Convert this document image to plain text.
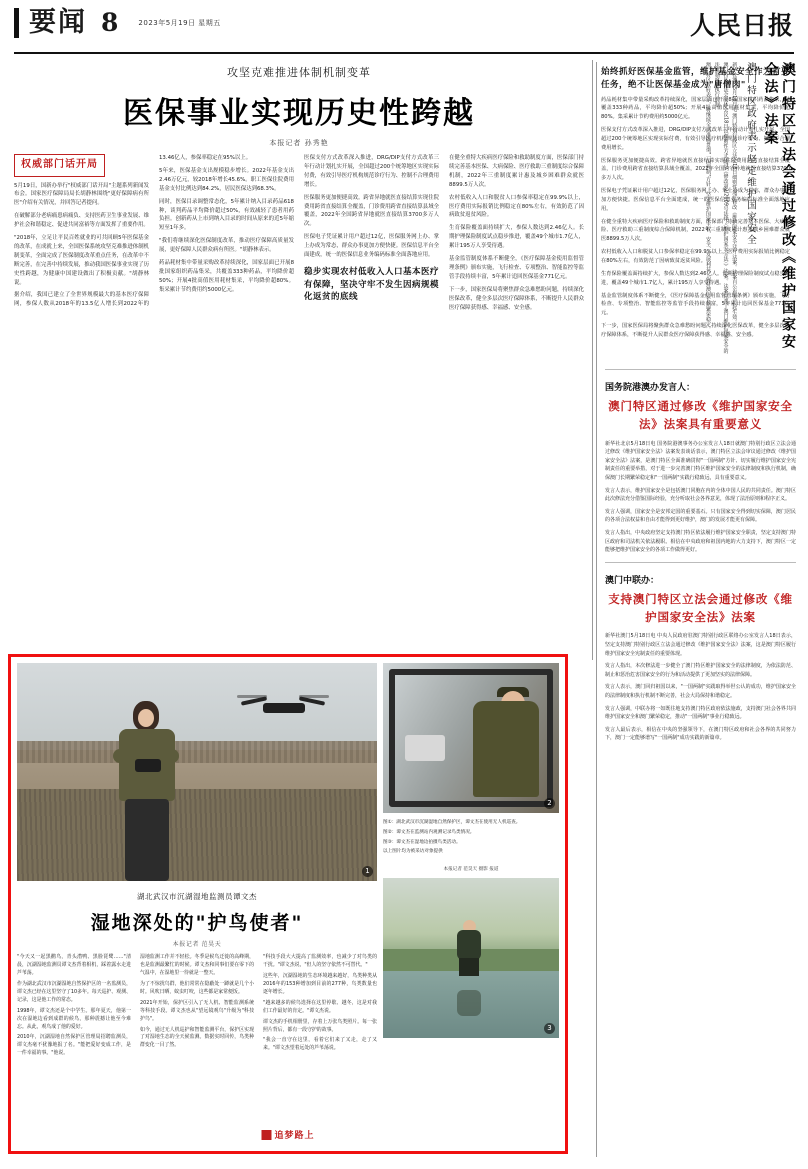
要闻 8	2023年5月19日 星期五	人民日报
攻坚克难推进体制机制变革
医保事业实现历史性跨越
本报记者 孙秀艳
权威部门话开局

5月19日，国新办举行"权威部门话开局"主题系列新闻发布会。国家医疗保障局局长胡静林围绕"更好保障病有所医"介绍有关情况，并回答记者提问。

在破解部分老病痛患病痛负、支持医药卫生事业发展、维护社会和谐稳定、促进共同富裕等方面发挥了重要作用。

"2018年，立足让平民百姓就业的可共回顾5年医保基金的改革，在成就上来，全国医保系统攻坚克难推进体制机制变革，全面完成了医保制度改革重点任务，在改革中不断完善，在完善中持续发展，推动我国医保事业实现了历史性跨越，为健康中国建设做出了积极贡献。"胡静林说。

据介绍，我国已建立了全世界规模最大的基本医疗保障网，参保人数从2018年的13.5亿人增长到2022年的13.46亿人，参保率稳定在95%以上。

5年来，医保基金支出规模稳步增长。2022年基金支出2.46万亿元，较2018年增长45.6%。职工医保住院费用基金支付比例达到84.2%，居民医保达到68.3%。

同时，医保目录调整常态化，5年累计纳入目录药品618种，谈判药品平均降价超过50%，有效减轻了患者用药负担。创新药从上市到纳入目录的时间从原来的近5年缩短至1年多。

"我们将继续深化医保制度改革，推动医疗保障高质量发展，更好保障人民群众病有所医。"胡静林表示。

药品耗材集中带量采购改革持续深化，国家层面已开展8批国家组织药品集采，共覆盖333种药品，平均降价超50%；开展4批高值医用耗材集采，平均降价超80%。集采累计节约费用约5000亿元。

医保支付方式改革深入推进，DRG/DIP支付方式改革三年行动计划扎实开展，全国超过200个统筹地区实现实际付费，有效引导医疗机构规范诊疗行为、控制不合理费用增长。

医保服务更加便捷高效。跨省异地就医直接结算实现住院费用跨省直接结算全覆盖，门诊费用跨省直接结算县域全覆盖，2022年全国跨省异地就医直接结算3700多万人次。

医保电子凭证累计用户超过12亿，医保服务网上办、掌上办成为常态，群众办事更加方便快捷。医保信息平台全面建成，统一的医保信息业务编码标准全面落地应用。

稳步实现农村低收入人口基本医疗有保障，坚决守牢不发生因病规模化返贫的底线

在健全重特大疾病医疗保险和救助制度方面，医保部门持续完善基本医保、大病保险、医疗救助三重制度综合保障机制，2022年三重制度累计惠及城乡困难群众就医8899.5万人次。

农村低收入人口和脱贫人口参保率稳定在99.9%以上，医疗费用实际报销比例稳定在80%左右，有效防范了因病致贫返贫风险。

生育保险覆盖面持续扩大，参保人数达到2.46亿人。长期护理保险制度试点稳步推进，覆盖49个城市1.7亿人，累计195万人享受待遇。

基金监管制度体系不断健全，《医疗保障基金使用监督管理条例》颁布实施，飞行检查、专项整治、智能监控等监管手段持续丰富，5年累计追回医保基金771亿元。

下一步，国家医保局将聚焦群众急难愁盼问题，持续深化医保改革，健全多层次医疗保障体系，不断提升人民群众医疗保障获得感、幸福感、安全感。

始终抓好医保基金监管，维护基金安全作为首要任务，绝不让医保基金成为"唐僧肉"

药品耗材集中带量采购改革持续深化，国家层面已开展8批国家组织药品集采，共覆盖333种药品，平均降价超50%；开展4批高值医用耗材集采，平均降价超80%。集采累计节约费用约5000亿元。

医保支付方式改革深入推进，DRG/DIP支付方式改革三年行动计划扎实开展，全国超过200个统筹地区实现实际付费，有效引导医疗机构规范诊疗行为、控制不合理费用增长。

医保服务更加便捷高效。跨省异地就医直接结算实现住院费用跨省直接结算全覆盖，门诊费用跨省直接结算县域全覆盖，2022年全国跨省异地就医直接结算3700多万人次。

医保电子凭证累计用户超过12亿，医保服务网上办、掌上办成为常态，群众办事更加方便快捷。医保信息平台全面建成，统一的医保信息业务编码标准全面落地应用。

在健全重特大疾病医疗保险和救助制度方面，医保部门持续完善基本医保、大病保险、医疗救助三重制度综合保障机制，2022年三重制度累计惠及城乡困难群众就医8899.5万人次。

农村低收入人口和脱贫人口参保率稳定在99.9%以上，医疗费用实际报销比例稳定在80%左右，有效防范了因病致贫返贫风险。

生育保险覆盖面持续扩大，参保人数达到2.46亿人。长期护理保险制度试点稳步推进，覆盖49个城市1.7亿人，累计195万人享受待遇。

基金监管制度体系不断健全，《医疗保障基金使用监督管理条例》颁布实施，飞行检查、专项整治、智能监控等监管手段持续丰富，5年累计追回医保基金771亿元。

下一步，国家医保局将聚焦群众急难愁盼问题，持续深化医保改革，健全多层次医疗保障体系，不断提升人民群众医疗保障获得感、幸福感、安全感。	澳门特区立法会通过修改《维护国家安全法》法案
澳门特区政府表示坚定维护国家安全

新华社澳门5月18日电 澳门特别行政区立法会18日细则性通过修改《维护国家安全法》法案。法案自公布翌日起生效。

澳门特区立法会全体会议18日以细则性方式通过《修改第2/2009号法律〈维护国家安全法〉》法案。法案完善了澳门维护国家安全的法律制度和执行机制。

澳门特区政府表示，将继续全面准确贯彻"一国两制"方针，坚定维护国家主权、安全、发展利益，保持澳门长期繁荣稳定。

国务院港澳办发言人：
澳门特区通过修改《维护国家安全法》法案具有重要意义

新华社北京5月18日电 国务院港澳事务办公室发言人18日就澳门特别行政区立法会通过修改《维护国家安全法》法案发表谈话表示，澳门特区立法会审议通过修改《维护国家安全法》法案，是澳门特区全面准确贯彻"一国两制"方针、切实履行维护国家安全宪制责任的重要举措，对于进一步完善澳门特区维护国家安全的法律制度和执行机制，确保澳门长期繁荣稳定和"一国两制"实践行稳致远，具有重要意义。

发言人表示，维护国家安全是包括澳门同胞在内的全体中国人民的共同责任。澳门特区此次修法充分借鉴国际经验，充分听取社会各界意见，体现了法治原则和程序正义。

发言人强调，国家安全是安邦定国的重要基石。只有国家安全得到切实保障，澳门居民的各项合法权益和自由才能得到更好维护，澳门的发展才能更有保障。

发言人指出，中央政府坚定支持澳门特区依法履行维护国家安全职责，坚定支持澳门特区政府和司法机关依法履职。相信在中央政府和祖国内地的大力支持下，澳门特区一定能够把维护国家安全的各项工作做得更好。

澳门中联办：
支持澳门特区立法会通过修改《维护国家安全法》法案

新华社澳门5月18日电 中央人民政府驻澳门特别行政区联络办公室发言人18日表示，坚定支持澳门特别行政区立法会通过修改《维护国家安全法》法案，这是澳门特区履行维护国家安全宪制责任的重要体现。

发言人指出，本次修法进一步健全了澳门特区维护国家安全的法律制度，为依法防范、制止和惩治危害国家安全的行为和活动提供了更加坚实的法律保障。

发言人表示，澳门回归祖国以来，"一国两制"实践取得举世公认的成功，维护国家安全的法律制度和执行机制不断完善，社会大局保持和谐稳定。

发言人强调，中联办将一如既往地支持澳门特区政府依法施政，支持澳门社会各界共同维护国家安全和澳门繁荣稳定，推动"一国两制"事业行稳致远。

发言人最后表示，相信在中央的坚强领导下，在澳门特区政府和社会各界的共同努力下，澳门一定能够谱写"一国两制"成功实践的新篇章。

1
湖北武汉市沉湖湿地监测员谭文杰
湿地深处的"护鸟使者"
本报记者 范昊天

"今天又一起黑鹳鸟，青头潜鸭、黑脸琵鹭……"清晨，沉湖湿地监测员谭文杰背着相机，踩着露水走进芦苇荡。

作为湖北武汉市沉湖湿地自然保护区的一名监测员，谭文杰已经在这里坚守了10多年。每天巡护、观测、记录，这是他工作的常态。

1998年，谭文杰还是个中学生。那年夏天，他第一次在湿地边看到成群的候鸟，那种震撼让他至今难忘。从此，观鸟成了他的爱好。

2010年，沉湖湿地自然保护区管理局招聘监测员，谭文杰毫不犹豫地报了名。"能把爱好变成工作，是一件幸福的事。"他说。

湿地监测工作并不轻松。冬季是候鸟迁徙的高峰期，也是监测最繁忙的时候。谭文杰和同事们要在零下的气温中，在湿地里一待就是一整天。

为了不惊扰鸟群，他们常常在隐蔽处一蹲就是几个小时。风吹日晒，蚊虫叮咬，这些都是家常便饭。

2021年开始，保护区引入了无人机、智能监测系统等科技手段。谭文杰也从"望远镜观鸟"升级为"科技护鸟"。

如今，通过无人机巡护和智能监测平台，保护区实现了对湿地生态的全天候监测。数据实时回传，鸟类种群变化一目了然。

"科技手段大大提高了监测效率，也减少了对鸟类的干扰。"谭文杰说，"但人的坚守依然不可替代。"

这些年，沉湖湿地的生态环境越来越好，鸟类种类从2016年的153种增加到目前的277种，鸟类数量也逐年增长。

"越来越多的候鸟选择在这里停歇、越冬，这是对我们工作最好的肯定。"谭文杰说。

谭文杰的手机相册里，存着上万张鸟类照片。每一张照片背后，都有一段守护的故事。

"我会一直守在这里，看着它们来了又走，走了又来。"谭文杰望着远处的芦苇荡说。

追梦路上
2

图①：湖北武汉市沉湖湿地自然保护区，谭文杰在使用无人机巡查。

图②：谭文杰在监测站内观测记录鸟类情况。

图③：谭文杰在湿地边拍摄鸟类活动。

以上图片均为被采访对象提供

本报记者 范昊天 摄影 报道
3
